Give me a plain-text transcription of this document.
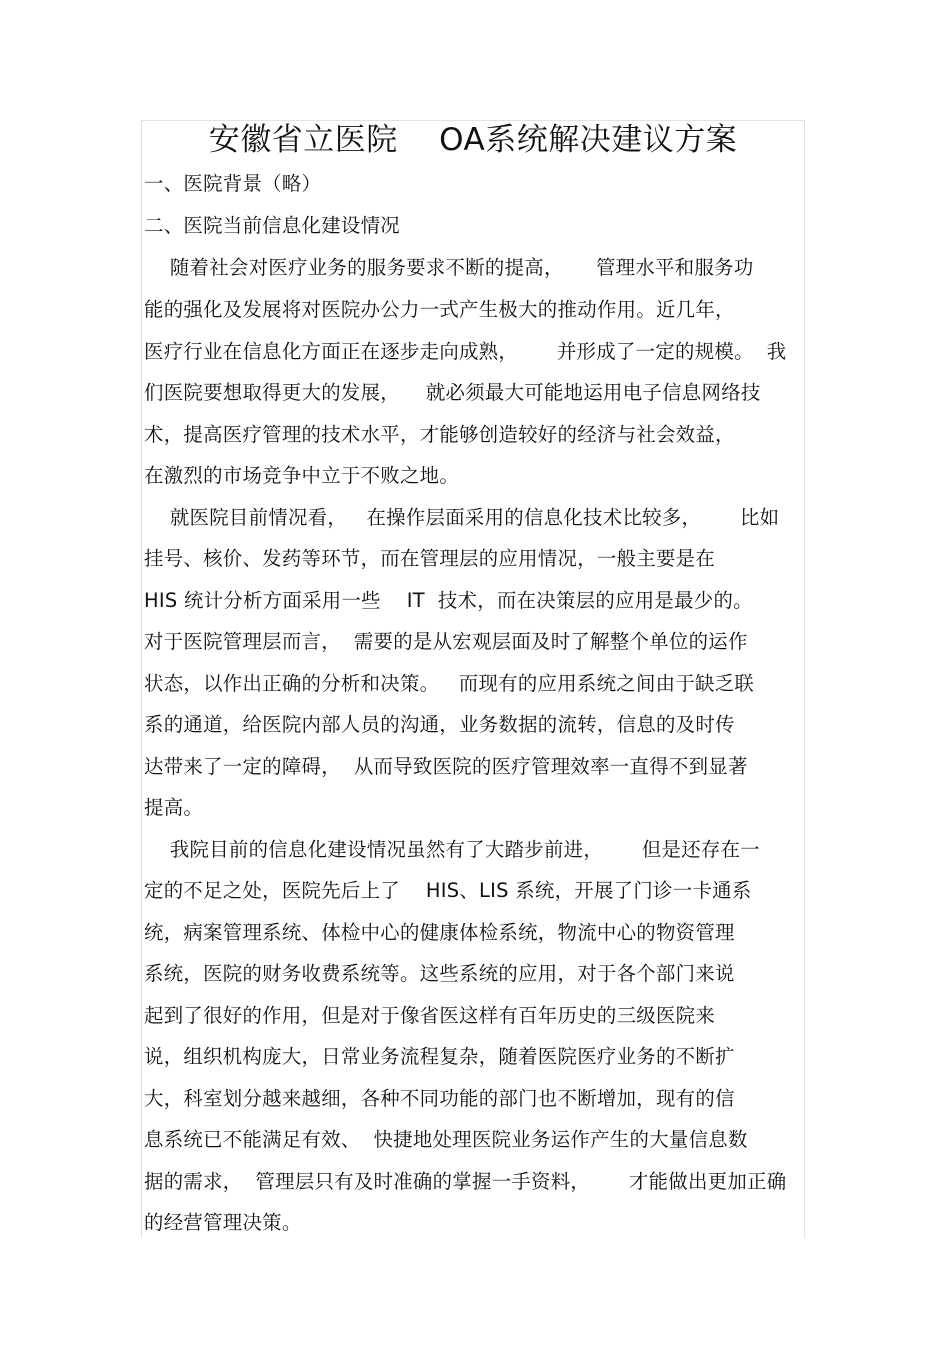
安徽省立医院    OA系统解决建议方案
一、医院背景（略）
二、医院当前信息化建设情况
随着社会对医疗业务的服务要求不断的提高，     管理水平和服务功
能的强化及发展将对医院办公力一式产生极大的推动作用。近几年，
医疗行业在信息化方面正在逐步走向成熟，      并形成了一定的规模。  我
们医院要想取得更大的发展，    就必须最大可能地运用电子信息网络技
术，提高医疗管理的技术水平，才能够创造较好的经济与社会效益，
在激烈的市场竞争中立于不败之地。
就医院目前情况看，   在操作层面采用的信息化技术比较多，      比如
挂号、核价、发药等环节，而在管理层的应用情况，一般主要是在
HIS 统计分析方面采用一些    IT  技术，而在决策层的应用是最少的。
对于医院管理层而言，  需要的是从宏观层面及时了解整个单位的运作
状态，以作出正确的分析和决策。   而现有的应用系统之间由于缺乏联
系的通道，给医院内部人员的沟通，业务数据的流转，信息的及时传
达带来了一定的障碍，  从而导致医院的医疗管理效率一直得不到显著
提高。
我院目前的信息化建设情况虽然有了大踏步前进，      但是还存在一
定的不足之处，医院先后上了    HIS、LIS 系统，开展了门诊一卡通系
统，病案管理系统、体检中心的健康体检系统，物流中心的物资管理
系统，医院的财务收费系统等。这些系统的应用，对于各个部门来说
起到了很好的作用，但是对于像省医这样有百年历史的三级医院来
说，组织机构庞大，日常业务流程复杂，随着医院医疗业务的不断扩
大，科室划分越来越细，各种不同功能的部门也不断增加，现有的信
息系统已不能满足有效、  快捷地处理医院业务运作产生的大量信息数
据的需求，  管理层只有及时准确的掌握一手资料，      才能做出更加正确
的经营管理决策。
